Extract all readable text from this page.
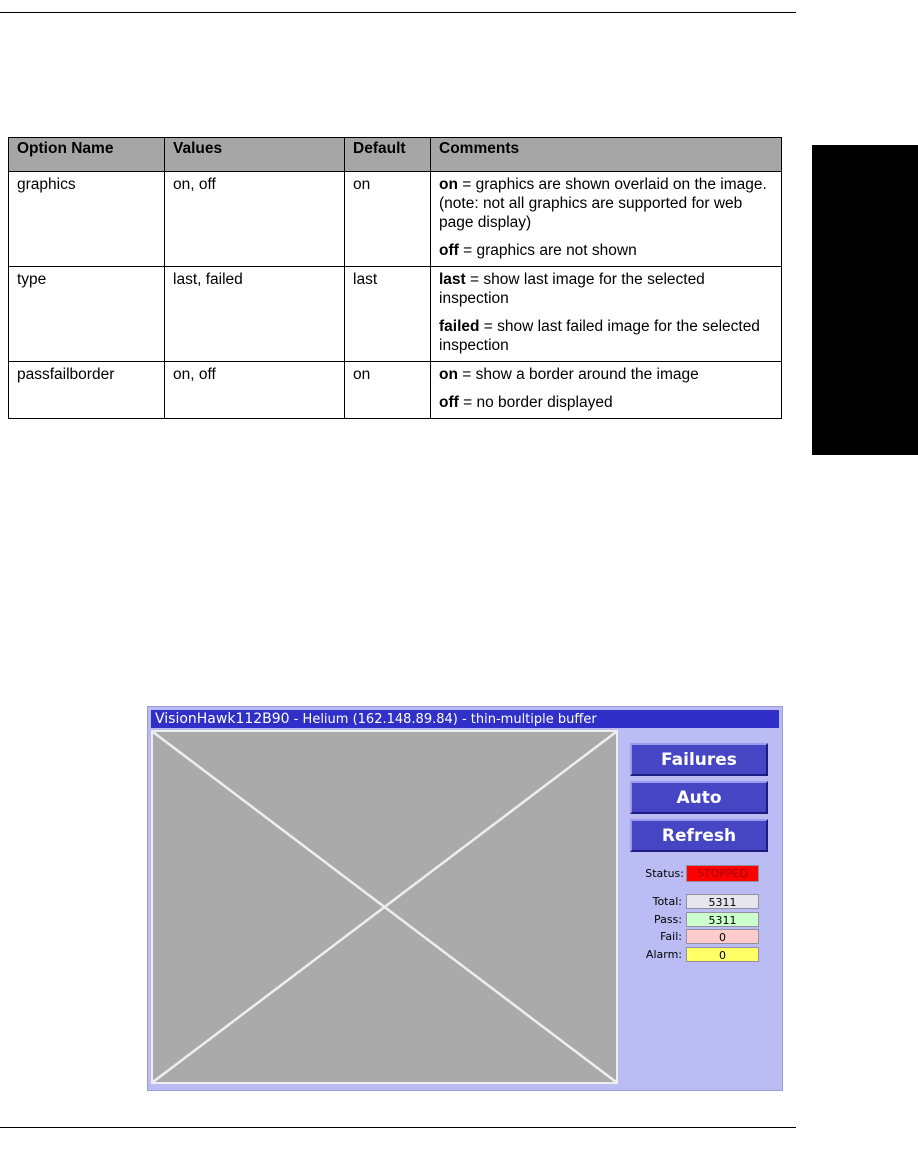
Option Name	Values	Default	Comments
graphics	on, off	on	on = graphics are shown overlaid on the image. (note: not all graphics are supported for web page display)

off = graphics are not shown

type	last, failed	last	last = show last image for the selected inspection

failed = show last failed image for the selected inspection

passfailborder	on, off	on	on = show a border around the image

off = no border displayed

VisionHawk112B90 - Helium (162.148.89.84) - thin-multiple buffer
Failures
Auto
Refresh
Status:	STOPPED
Total:	5311
Pass:	5311
Fail:	0
Alarm:	0
